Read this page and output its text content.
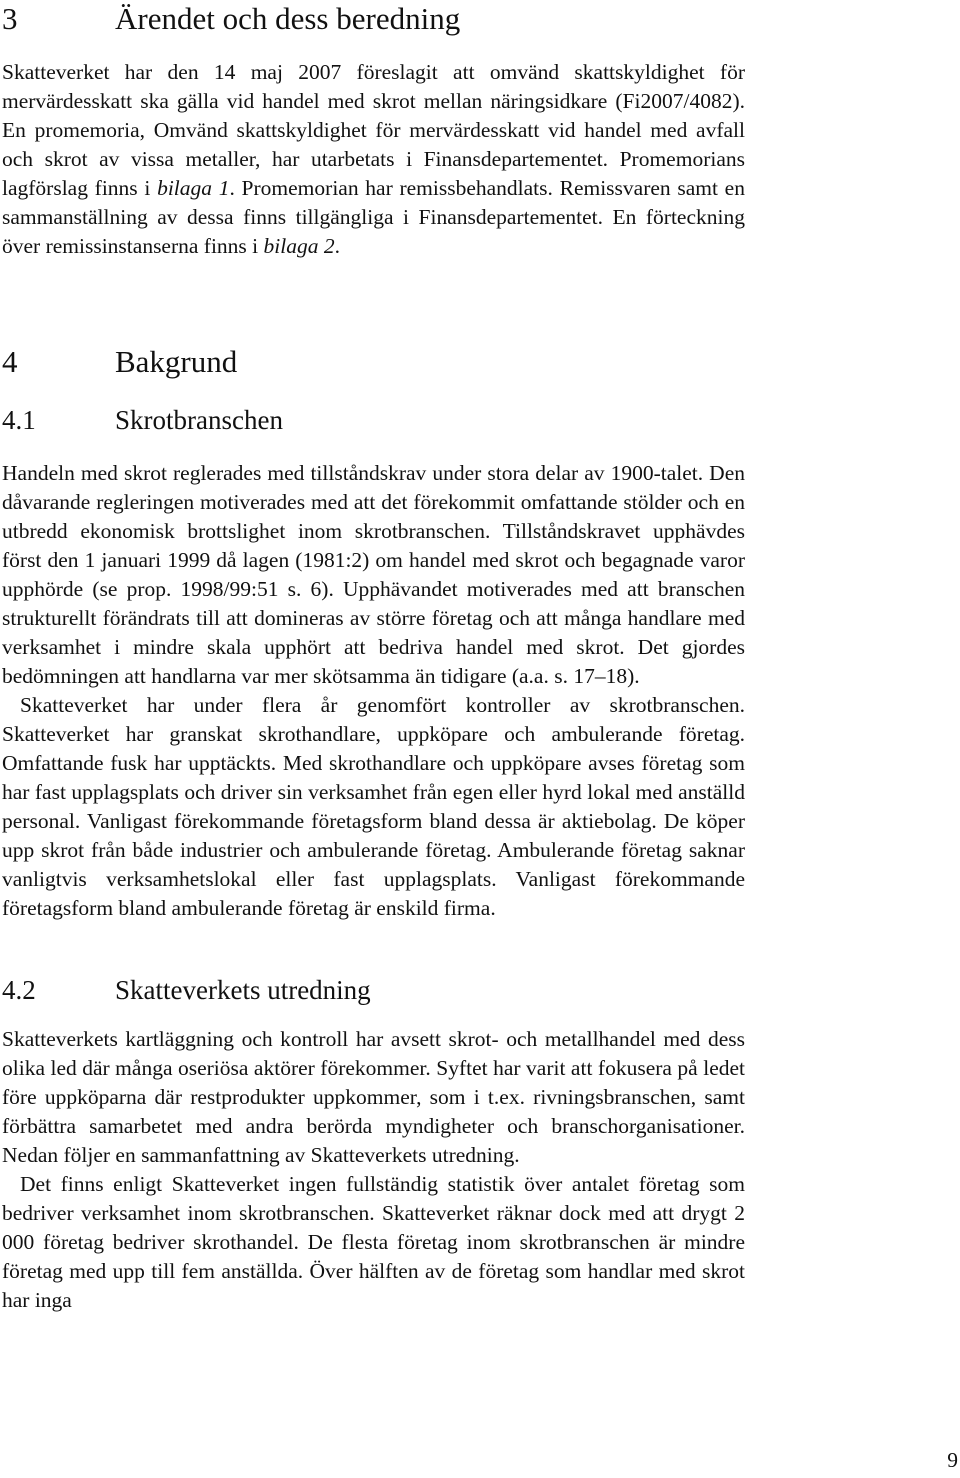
3	Ärendet och dess beredning

Skatteverket har den 14 maj 2007 föreslagit att omvänd skattskyldighet för mervärdesskatt ska gälla vid handel med skrot mellan näringsidkare (Fi2007/4082). En promemoria, Omvänd skattskyldighet för mervärdesskatt vid handel med avfall och skrot av vissa metaller, har utarbetats i Finansdepartementet. Promemorians lagförslag finns i bilaga 1. Promemorian har remissbehandlats. Remissvaren samt en sammanställning av dessa finns tillgängliga i Finansdepartementet. En förteckning över remissinstanserna finns i bilaga 2.

4	Bakgrund
4.1	Skrotbranschen

Handeln med skrot reglerades med tillståndskrav under stora delar av 1900-talet. Den dåvarande regleringen motiverades med att det förekommit omfattande stölder och en utbredd ekonomisk brottslighet inom skrotbranschen. Tillståndskravet upphävdes först den 1 januari 1999 då lagen (1981:2) om handel med skrot och begagnade varor upphörde (se prop. 1998/99:51 s. 6). Upphävandet motiverades med att branschen strukturellt förändrats till att domineras av större företag och att många handlare med verksamhet i mindre skala upphört att bedriva handel med skrot. Det gjordes bedömningen att handlarna var mer skötsamma än tidigare (a.a. s. 17–18).

Skatteverket har under flera år genomfört kontroller av skrotbranschen. Skatteverket har granskat skrothandlare, uppköpare och ambulerande företag. Omfattande fusk har upptäckts. Med skrothandlare och uppköpare avses företag som har fast upplagsplats och driver sin verksamhet från egen eller hyrd lokal med anställd personal. Vanligast förekommande företagsform bland dessa är aktiebolag. De köper upp skrot från både industrier och ambulerande företag. Ambulerande företag saknar vanligtvis verksamhetslokal eller fast upplagsplats. Vanligast förekommande företagsform bland ambulerande företag är enskild firma.

4.2	Skatteverkets utredning

Skatteverkets kartläggning och kontroll har avsett skrot- och metallhandel med dess olika led där många oseriösa aktörer förekommer. Syftet har varit att fokusera på ledet före uppköparna där restprodukter uppkommer, som i t.ex. rivningsbranschen, samt förbättra samarbetet med andra berörda myndigheter och branschorganisationer. Nedan följer en sammanfattning av Skatteverkets utredning.

Det finns enligt Skatteverket ingen fullständig statistik över antalet företag som bedriver verksamhet inom skrotbranschen. Skatteverket räknar dock med att drygt 2 000 företag bedriver skrothandel. De flesta företag inom skrotbranschen är mindre företag med upp till fem anställda. Över hälften av de företag som handlar med skrot har inga

9
